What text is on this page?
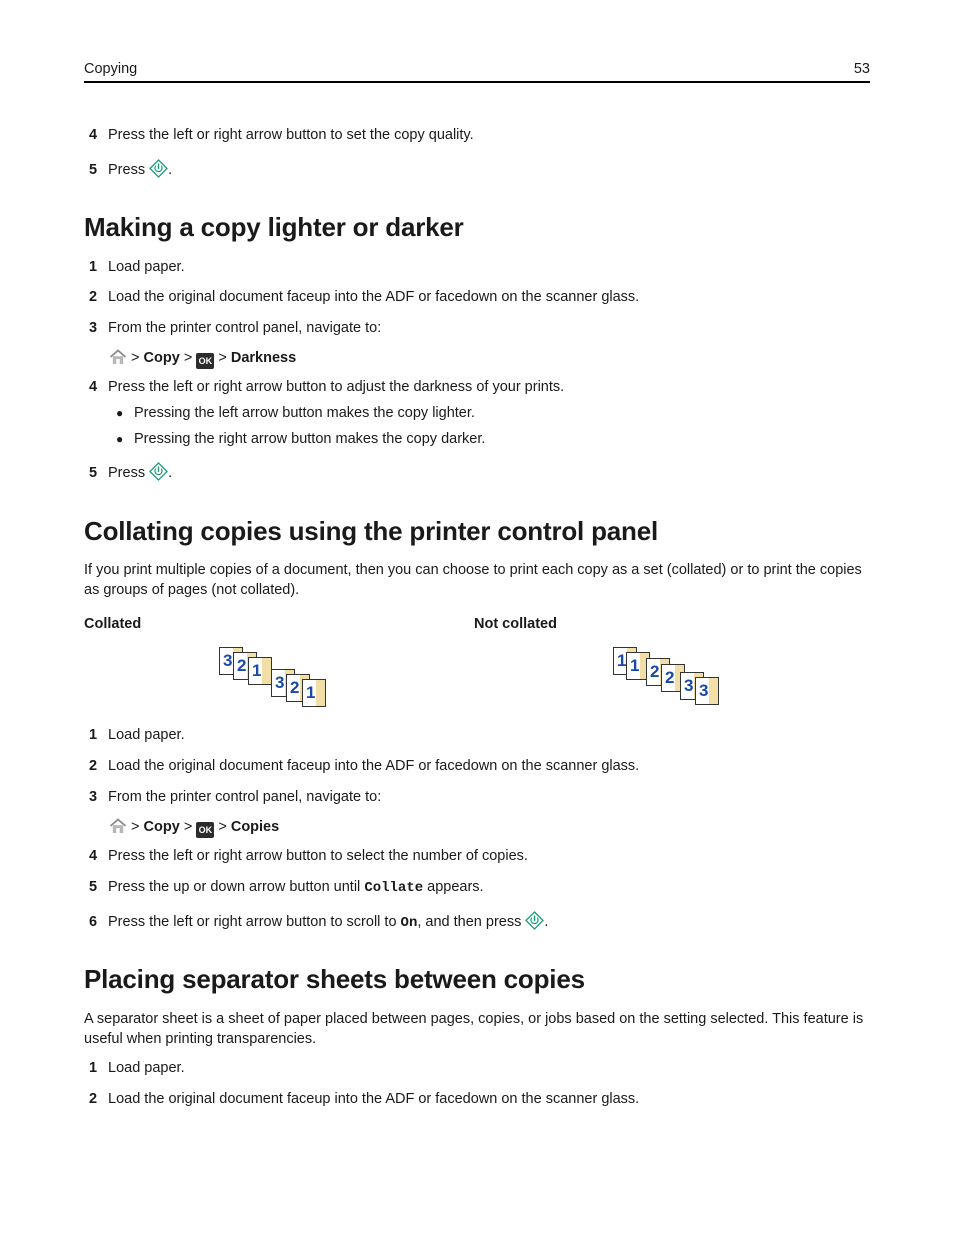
Copying	53
4 Press the left or right arrow button to set the copy quality.
5 Press .
Making a copy lighter or darker
1 Load paper.
2 Load the original document faceup into the ADF or facedown on the scanner glass.
3 From the printer control panel, navigate to:
> Copy > OK > Darkness
4 Press the left or right arrow button to adjust the darkness of your prints.
● Pressing the left arrow button makes the copy lighter.
● Pressing the right arrow button makes the copy darker.
5 Press .
Collating copies using the printer control panel
If you print multiple copies of a document, then you can choose to print each copy as a set (collated) or to print the copies as groups of pages (not collated).
Collated	Not collated
3 2 1
3 2 1
1 1 2 2 3 3
1 Load paper.
2 Load the original document faceup into the ADF or facedown on the scanner glass.
3 From the printer control panel, navigate to:
> Copy > OK > Copies
4 Press the left or right arrow button to select the number of copies.
5 Press the up or down arrow button until Collate appears.
6 Press the left or right arrow button to scroll to On, and then press .
Placing separator sheets between copies
A separator sheet is a sheet of paper placed between pages, copies, or jobs based on the setting selected. This feature is useful when printing transparencies.
1 Load paper.
2 Load the original document faceup into the ADF or facedown on the scanner glass.
